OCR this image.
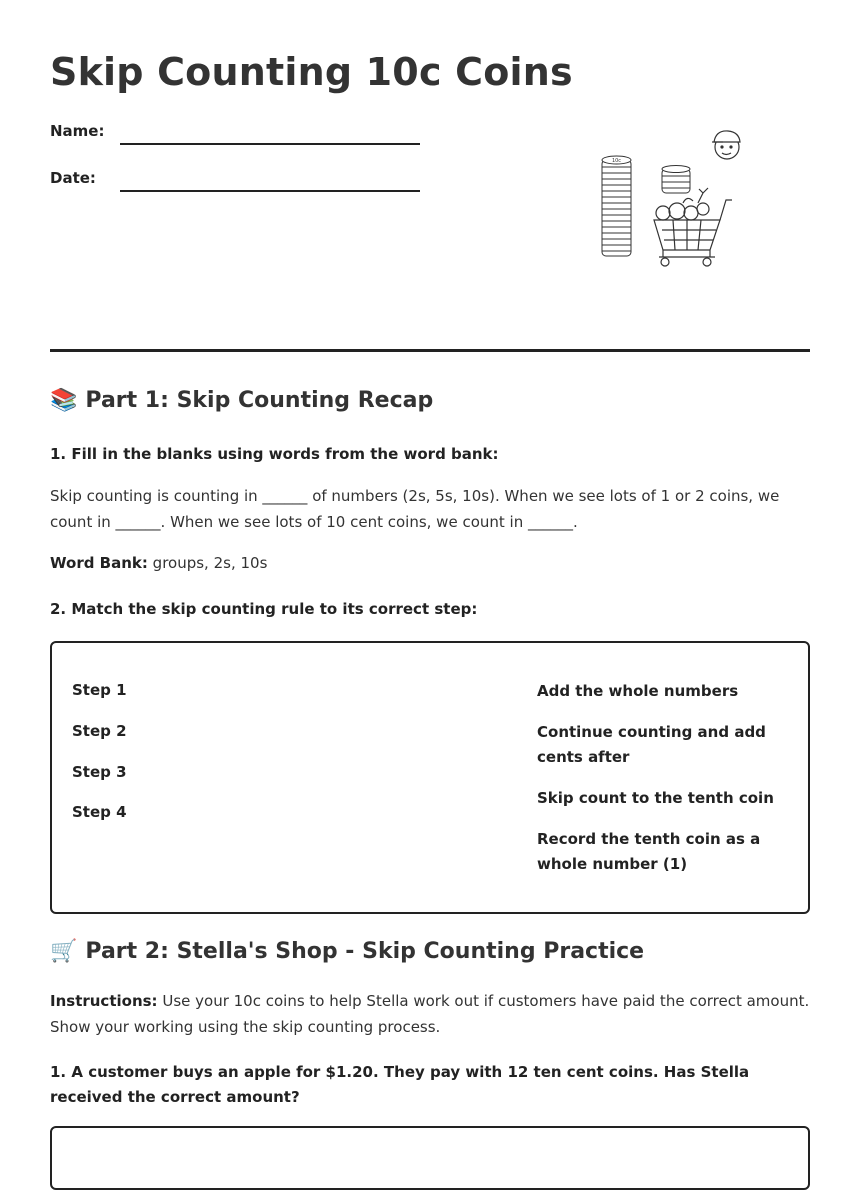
Skip Counting 10c Coins
Name:
Date:
10c
📚 Part 1: Skip Counting Recap

1. Fill in the blanks using words from the word bank:

Skip counting is counting in ______ of numbers (2s, 5s, 10s). When we see lots of 1 or 2 coins, we count in ______. When we see lots of 10 cent coins, we count in ______.

Word Bank: groups, 2s, 10s

2. Match the skip counting rule to its correct step:

Step 1
Step 2
Step 3
Step 4
Add the whole numbers
Continue counting and add cents after
Skip count to the tenth coin
Record the tenth coin as a whole number (1)
🛒 Part 2: Stella's Shop - Skip Counting Practice

Instructions: Use your 10c coins to help Stella work out if customers have paid the correct amount. Show your working using the skip counting process.

1. A customer buys an apple for $1.20. They pay with 12 ten cent coins. Has Stella received the correct amount?
